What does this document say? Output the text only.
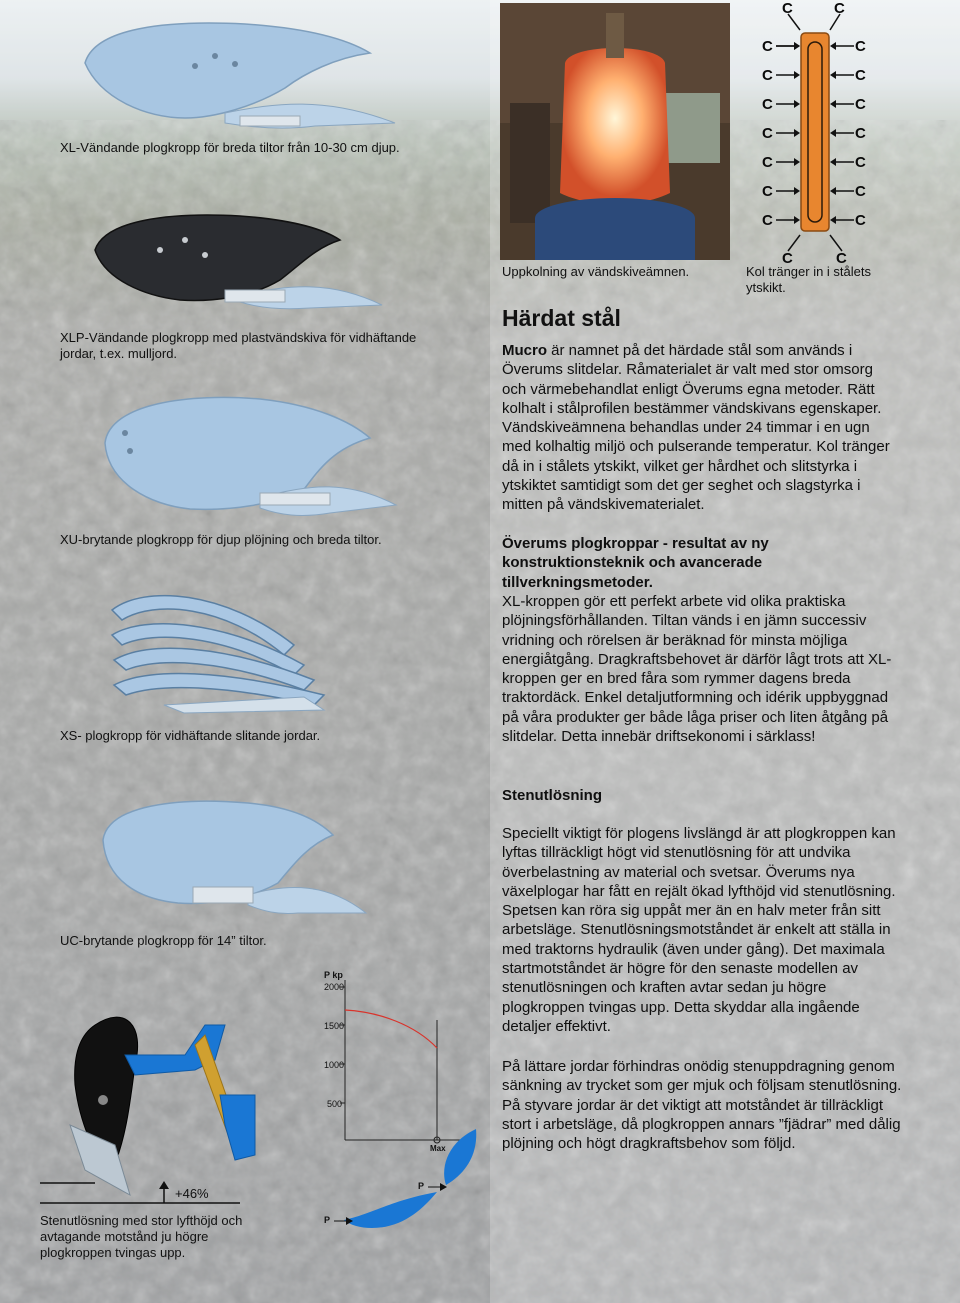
XL-Vändande plogkropp för breda tiltor från 10-30 cm djup.
XLP-Vändande plogkropp med plastvändskiva för vidhäftande jordar, t.ex. mulljord.
XU-brytande plogkropp för djup plöjning och breda tiltor.
XS- plogkropp för vidhäftande slitande jordar.
UC-brytande plogkropp för 14” tiltor.
+46%
Stenutlösning med stor lyfthöjd och avtagande motstånd ju högre plogkroppen tvingas upp.
P kp
2000
1500
1000
500
Max
P
P
Uppkolning av vändskiveämnen.
C	C
C
C
C
C
C
C
C
C
C
C
C
C
C
C
C	C
Kol tränger in i stålets ytskikt.
Härdat stål
Mucro är namnet på det härdade stål som används i Överums slitdelar. Råmaterialet är valt med stor omsorg och värmebehandlat enligt Överums egna metoder. Rätt kolhalt i stålprofilen bestämmer vändskivans egenskaper. Vändskiveämnena behandlas under 24 timmar i en ugn med kolhaltig miljö och pulserande temperatur. Kol tränger då in i stålets ytskikt, vilket ger hårdhet och slitstyrka i ytskiktet samtidigt som det ger seghet och slagstyrka i mitten på vändskivematerialet.
Överums plogkroppar - resultat av ny konstruktionsteknik och avancerade tillverkningsmetoder.
XL-kroppen gör ett perfekt arbete vid olika praktiska plöjningsförhållanden. Tiltan vänds i en jämn successiv vridning och rörelsen är beräknad för minsta möjliga energiåtgång. Dragkraftsbehovet är därför lågt trots att XL-kroppen ger en bred fåra som rymmer dagens breda traktordäck. Enkel detaljutformning och idérik uppbyggnad på våra produkter ger både låga priser och liten åtgång på slitdelar. Detta innebär driftsekonomi i särklass!
Stenutlösning
Speciellt viktigt för plogens livslängd är att plogkroppen kan lyftas tillräckligt högt vid stenutlösning för att undvika överbelastning av material och svetsar. Överums nya växelplogar har fått en rejält ökad lyfthöjd vid stenutlösning. Spetsen kan röra sig uppåt mer än en halv meter från sitt arbetsläge. Stenutlösningsmotståndet är enkelt att ställa in med traktorns hydraulik (även under gång). Det maximala startmotståndet är högre för den senaste modellen av stenutlösningen och kraften avtar sedan ju högre plogkroppen tvingas upp. Detta skyddar alla ingående detaljer effektivt.
På lättare jordar förhindras onödig stenuppdragning genom sänkning av trycket som ger mjuk och följsam stenutlösning. På styvare jordar är det viktigt att motståndet är tillräckligt stort i arbetsläge, då plogkroppen annars ”fjädrar” med dålig plöjning och högt dragkraftsbehov som följd.
